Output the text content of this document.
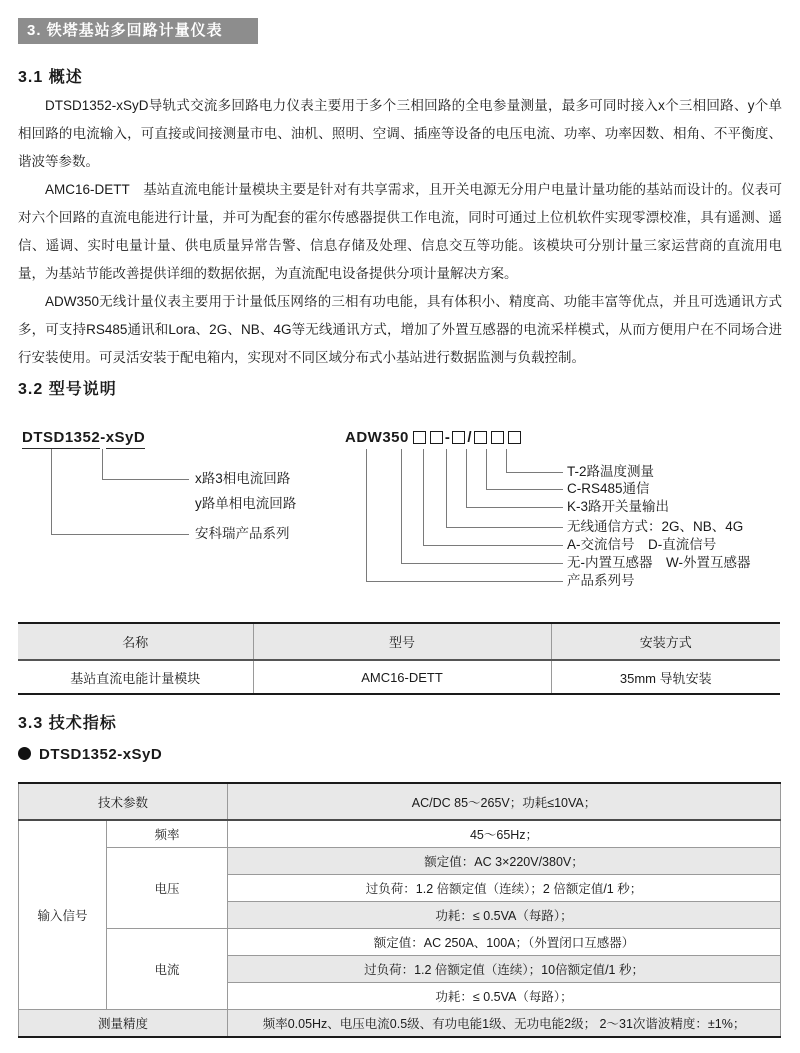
3. 铁塔基站多回路计量仪表
3.1 概述

DTSD1352-xSyD导轨式交流多回路电力仪表主要用于多个三相回路的全电参量测量，最多可同时接入x个三相回路、y个单相回路的电流输入，可直接或间接测量市电、油机、照明、空调、插座等设备的电压电流、功率、功率因数、相角、不平衡度、谐波等参数。

AMC16-DETT　基站直流电能计量模块主要是针对有共享需求，且开关电源无分用户电量计量功能的基站而设计的。仪表可对六个回路的直流电能进行计量，并可为配套的霍尔传感器提供工作电流，同时可通过上位机软件实现零漂校准，具有遥测、遥信、遥调、实时电量计量、供电质量异常告警、信息存储及处理、信息交互等功能。该模块可分别计量三家运营商的直流用电量，为基站节能改善提供详细的数据依据，为直流配电设备提供分项计量解决方案。

ADW350无线计量仪表主要用于计量低压网络的三相有功电能，具有体积小、精度高、功能丰富等优点，并且可选通讯方式多，可支持RS485通讯和Lora、2G、NB、4G等无线通讯方式，增加了外置互感器的电流采样模式，从而方便用户在不同场合进行安装使用。可灵活安装于配电箱内，实现对不同区域分布式小基站进行数据监测与负载控制。

3.2 型号说明
DTSD1352-xSyD
x路3相电流回路
y路单相电流回路
安科瑞产品系列
ADW350 - /
T-2路温度测量
C-RS485通信
K-3路开关量输出
无线通信方式：2G、NB、4G
A-交流信号　D-直流信号
无-内置互感器　W-外置互感器
产品系列号
名称	型号	安装方式
基站直流电能计量模块	AMC16-DETT	35mm 导轨安装
3.3 技术指标
DTSD1352-xSyD
技术参数		AC/DC 85～265V；功耗≤10VA；
输入信号	频率	45～65Hz；
	电压	额定值：AC 3×220V/380V；
		过负荷：1.2 倍额定值（连续）；2 倍额定值/1 秒；
		功耗：≤ 0.5VA（每路）；
	电流	额定值：AC 250A、100A；（外置闭口互感器）
		过负荷：1.2 倍额定值（连续）；10倍额定值/1 秒；
		功耗：≤ 0.5VA（每路）；
测量精度		频率0.05Hz、电压电流0.5级、有功电能1级、无功电能2级； 2～31次谐波精度：±1%；
